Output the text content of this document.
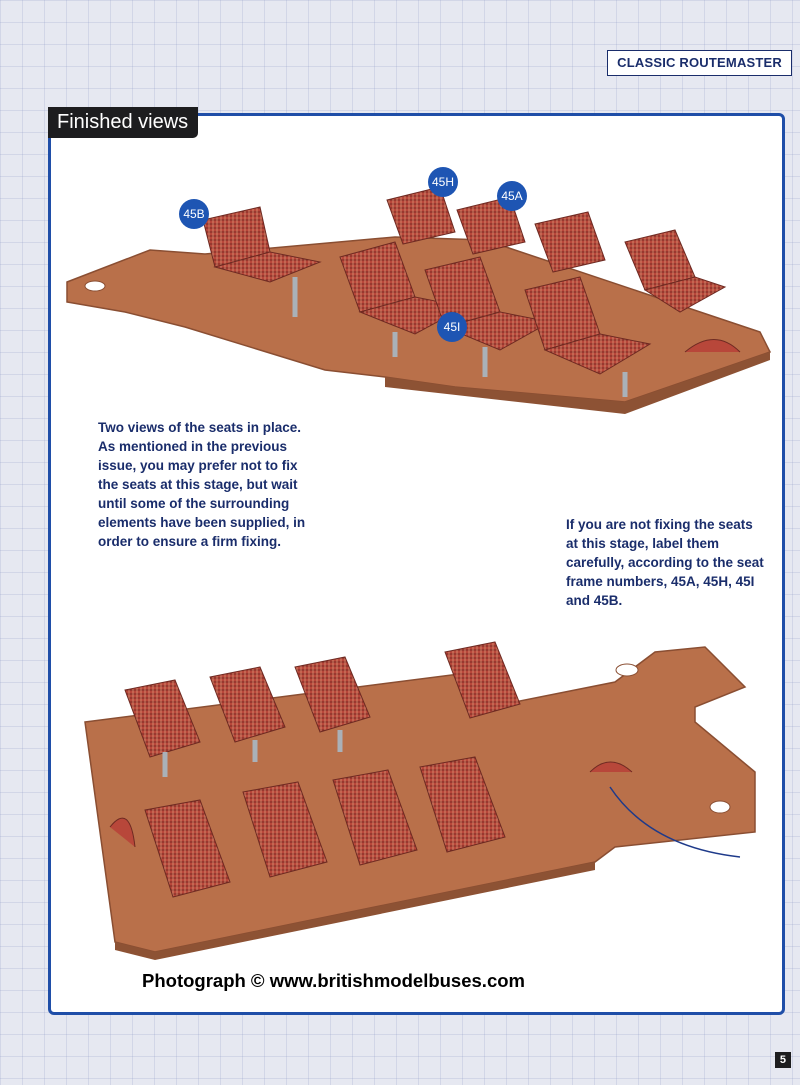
CLASSIC ROUTEMASTER
Finished views
45B
45H
45A
45I

Two views of the seats in place. As mentioned in the previous issue, you may prefer not to fix the seats at this stage, but wait until some of the surrounding elements have been supplied, in order to ensure a firm fixing.

If you are not fixing the seats at this stage, label them carefully, according to the seat frame numbers, 45A, 45H, 45I and 45B.

Photograph © www.britishmodelbuses.com

5
